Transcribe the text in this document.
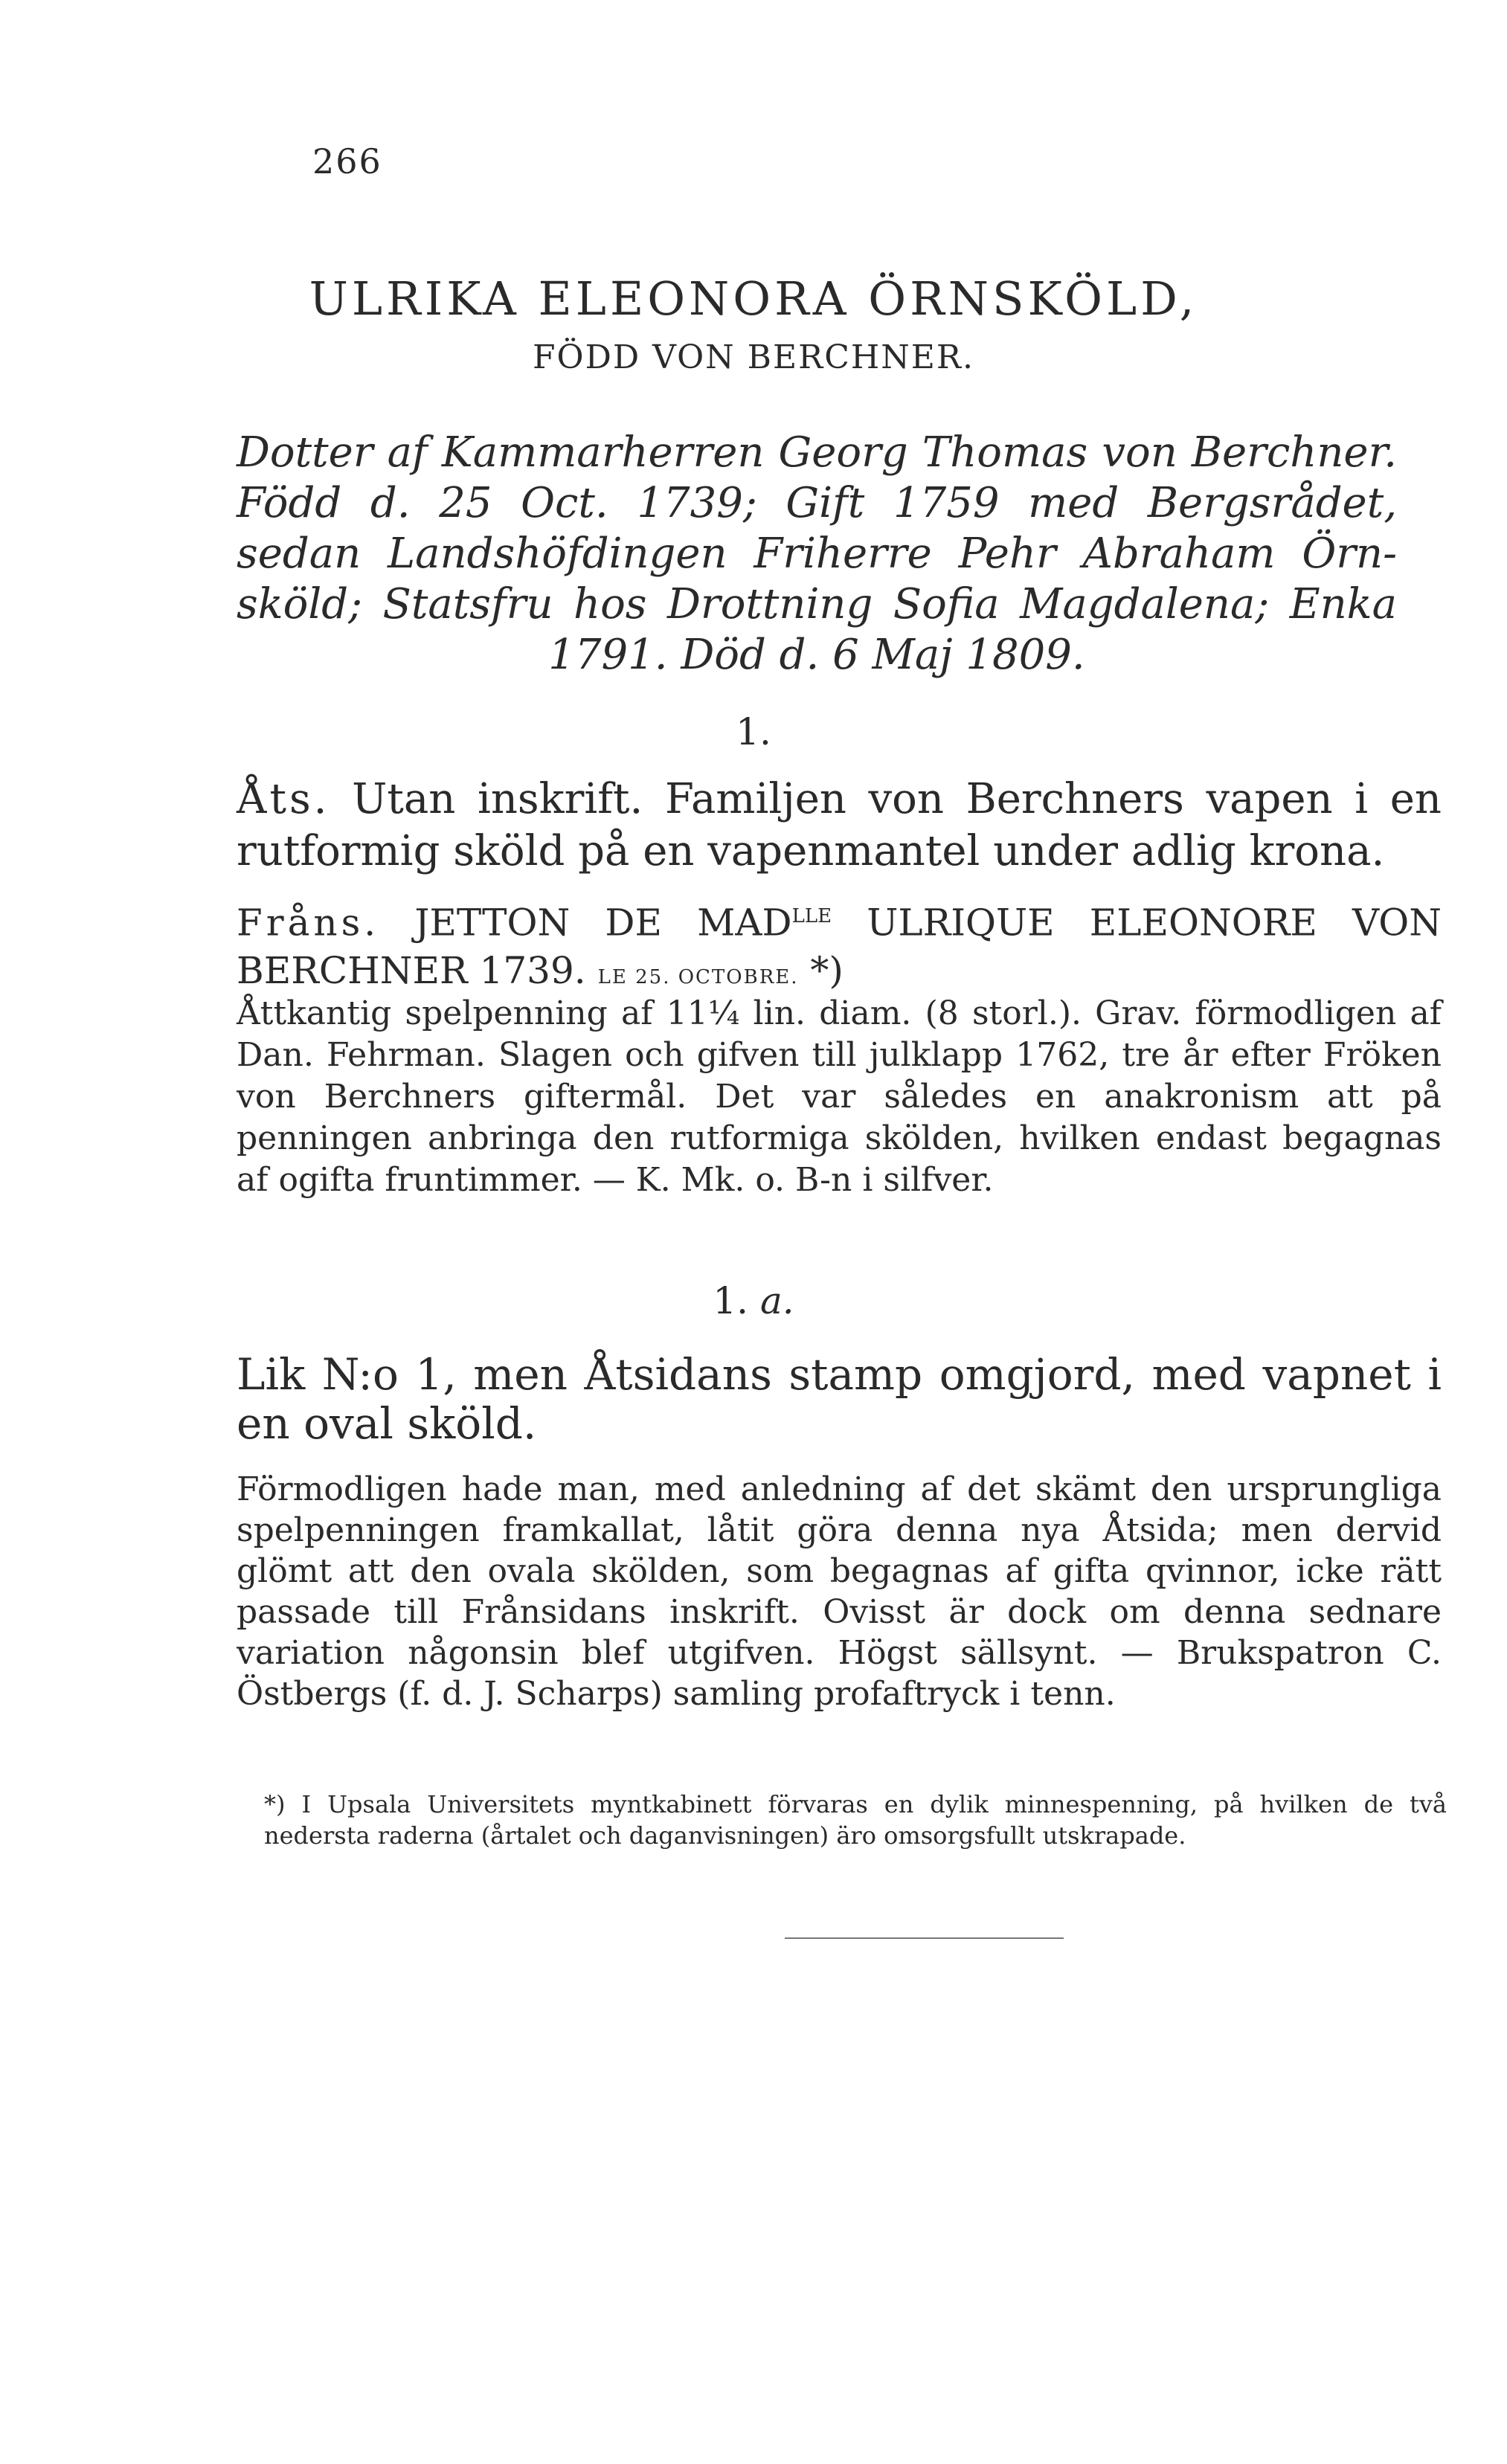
266
ULRIKA ELEONORA ÖRNSKÖLD,
FÖDD VON BERCHNER.
Dotter af Kammarherren Georg Thomas von Berchner.
Född d. 25 Oct. 1739; Gift 1759 med Bergsrådet,
sedan Landshöfdingen Friherre Pehr Abraham Örn-
sköld; Statsfru hos Drottning Sofia Magdalena; Enka
1791. Död d. 6 Maj 1809.
1.
Åts. Utan inskrift. Familjen von Berchners vapen i en rutformig sköld på en vapenmantel under adlig krona.
Fråns. JETTON DE $MAD^{LLE}$ ULRIQUE ELEONORE VON BERCHNER 1739. LE 25. OCTOBRE. *)
Åttkantig spelpenning af 11¼ lin. diam. (8 storl.). Grav. förmodligen af Dan. Fehrman. Slagen och gifven till julklapp 1762, tre år efter Fröken von Berchners giftermål. Det var således en anakronism att på penningen anbringa den rutformiga skölden, hvilken endast begagnas af ogifta fruntimmer. — K. Mk. o. B-n i silfver.
1. a.
Lik N:o 1, men Åtsidans stamp omgjord, med vapnet i en oval sköld.
Förmodligen hade man, med anledning af det skämt den ursprungliga spelpenningen framkallat, låtit göra denna nya Åtsida; men dervid glömt att den ovala skölden, som begagnas af gifta qvinnor, icke rätt passade till Frånsidans inskrift. Ovisst är dock om denna sednare variation någonsin blef utgifven. Högst sällsynt. — Brukspatron C. Östbergs (f. d. J. Scharps) samling profaftryck i tenn.
*) I Upsala Universitets myntkabinett förvaras en dylik minnespenning, på hvilken de två nedersta raderna (årtalet och daganvisningen) äro omsorgsfullt utskrapade.
